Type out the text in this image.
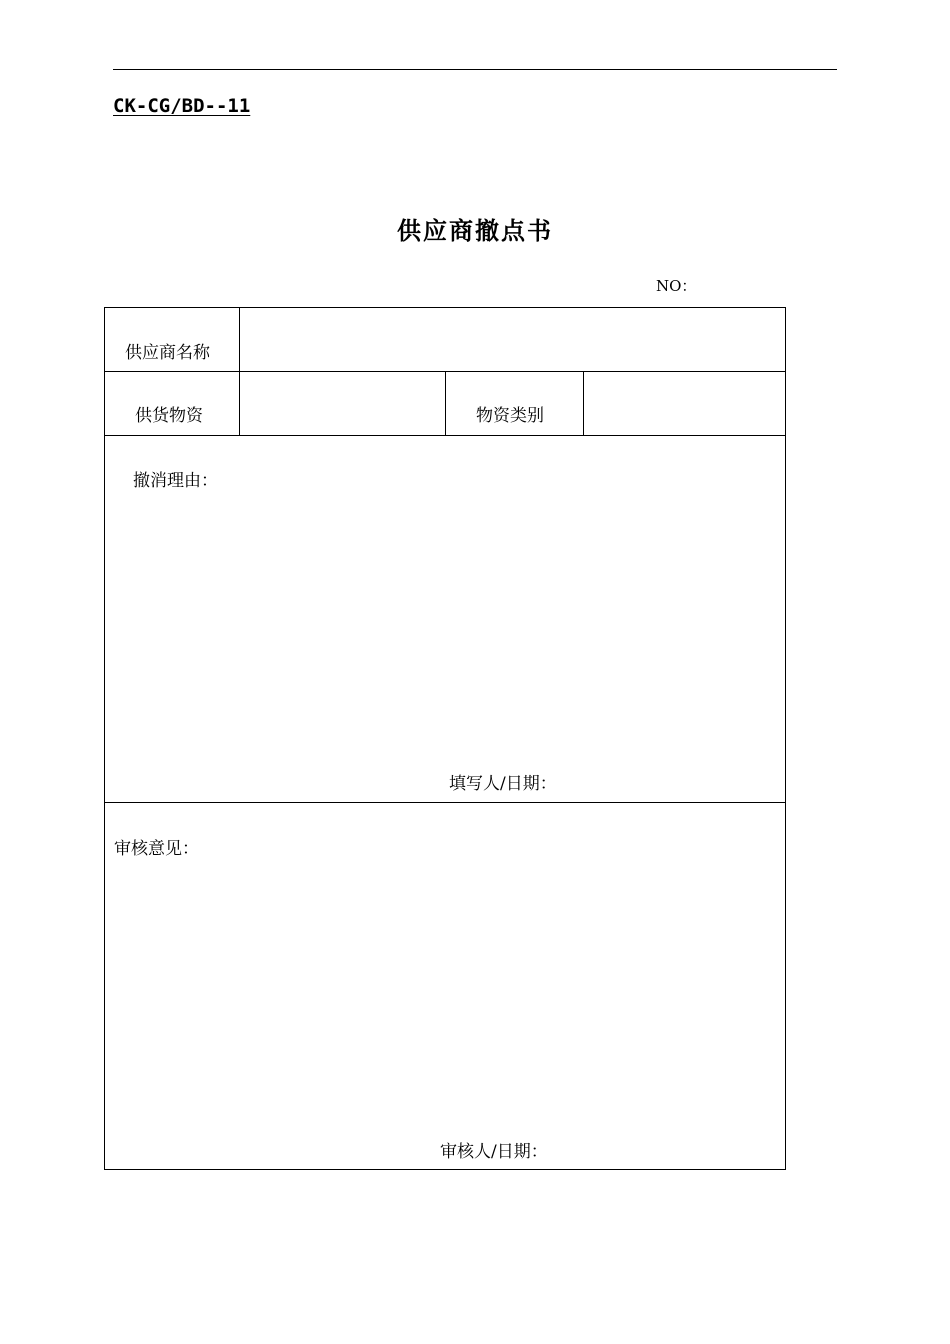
CK-CG/BD--11
供应商撤点书
NO：
供应商名称
供货物资	物资类别
撤消理由：
填写人/日期：
审核意见：
审核人/日期：
